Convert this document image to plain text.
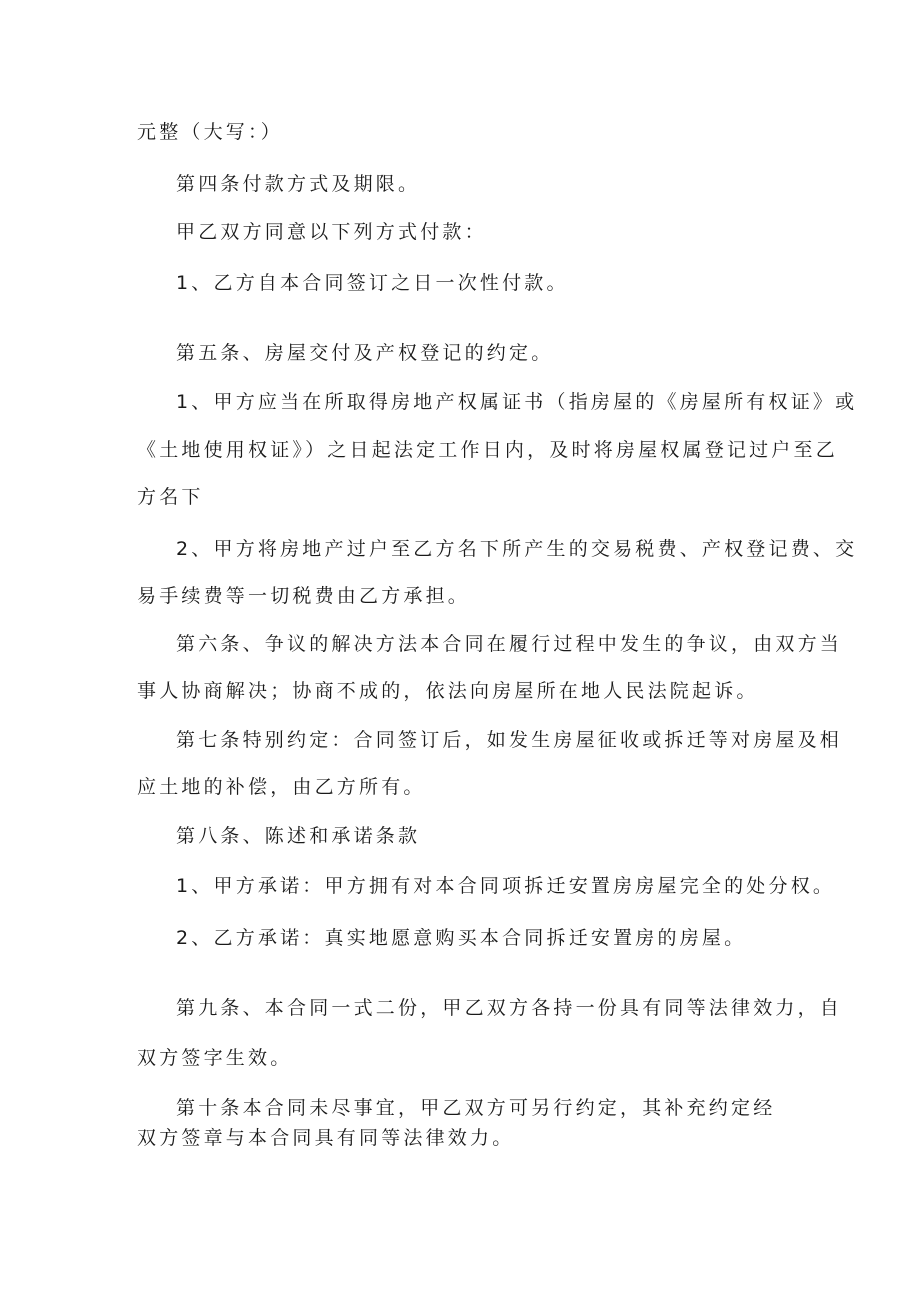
元整（大写：）
第四条付款方式及期限。
甲乙双方同意以下列方式付款：
1、乙方自本合同签订之日一次性付款。
第五条、房屋交付及产权登记的约定。
1、甲方应当在所取得房地产权属证书（指房屋的《房屋所有权证》或
《土地使用权证》）之日起法定工作日内，及时将房屋权属登记过户至乙
方名下
2、甲方将房地产过户至乙方名下所产生的交易税费、产权登记费、交
易手续费等一切税费由乙方承担。
第六条、争议的解决方法本合同在履行过程中发生的争议，由双方当
事人协商解决；协商不成的，依法向房屋所在地人民法院起诉。
第七条特别约定：合同签订后，如发生房屋征收或拆迁等对房屋及相
应土地的补偿，由乙方所有。
第八条、陈述和承诺条款
1、甲方承诺：甲方拥有对本合同项拆迁安置房房屋完全的处分权。
2、乙方承诺：真实地愿意购买本合同拆迁安置房的房屋。
第九条、本合同一式二份，甲乙双方各持一份具有同等法律效力，自
双方签字生效。
第十条本合同未尽事宜，甲乙双方可另行约定，其补充约定经
双方签章与本合同具有同等法律效力。
